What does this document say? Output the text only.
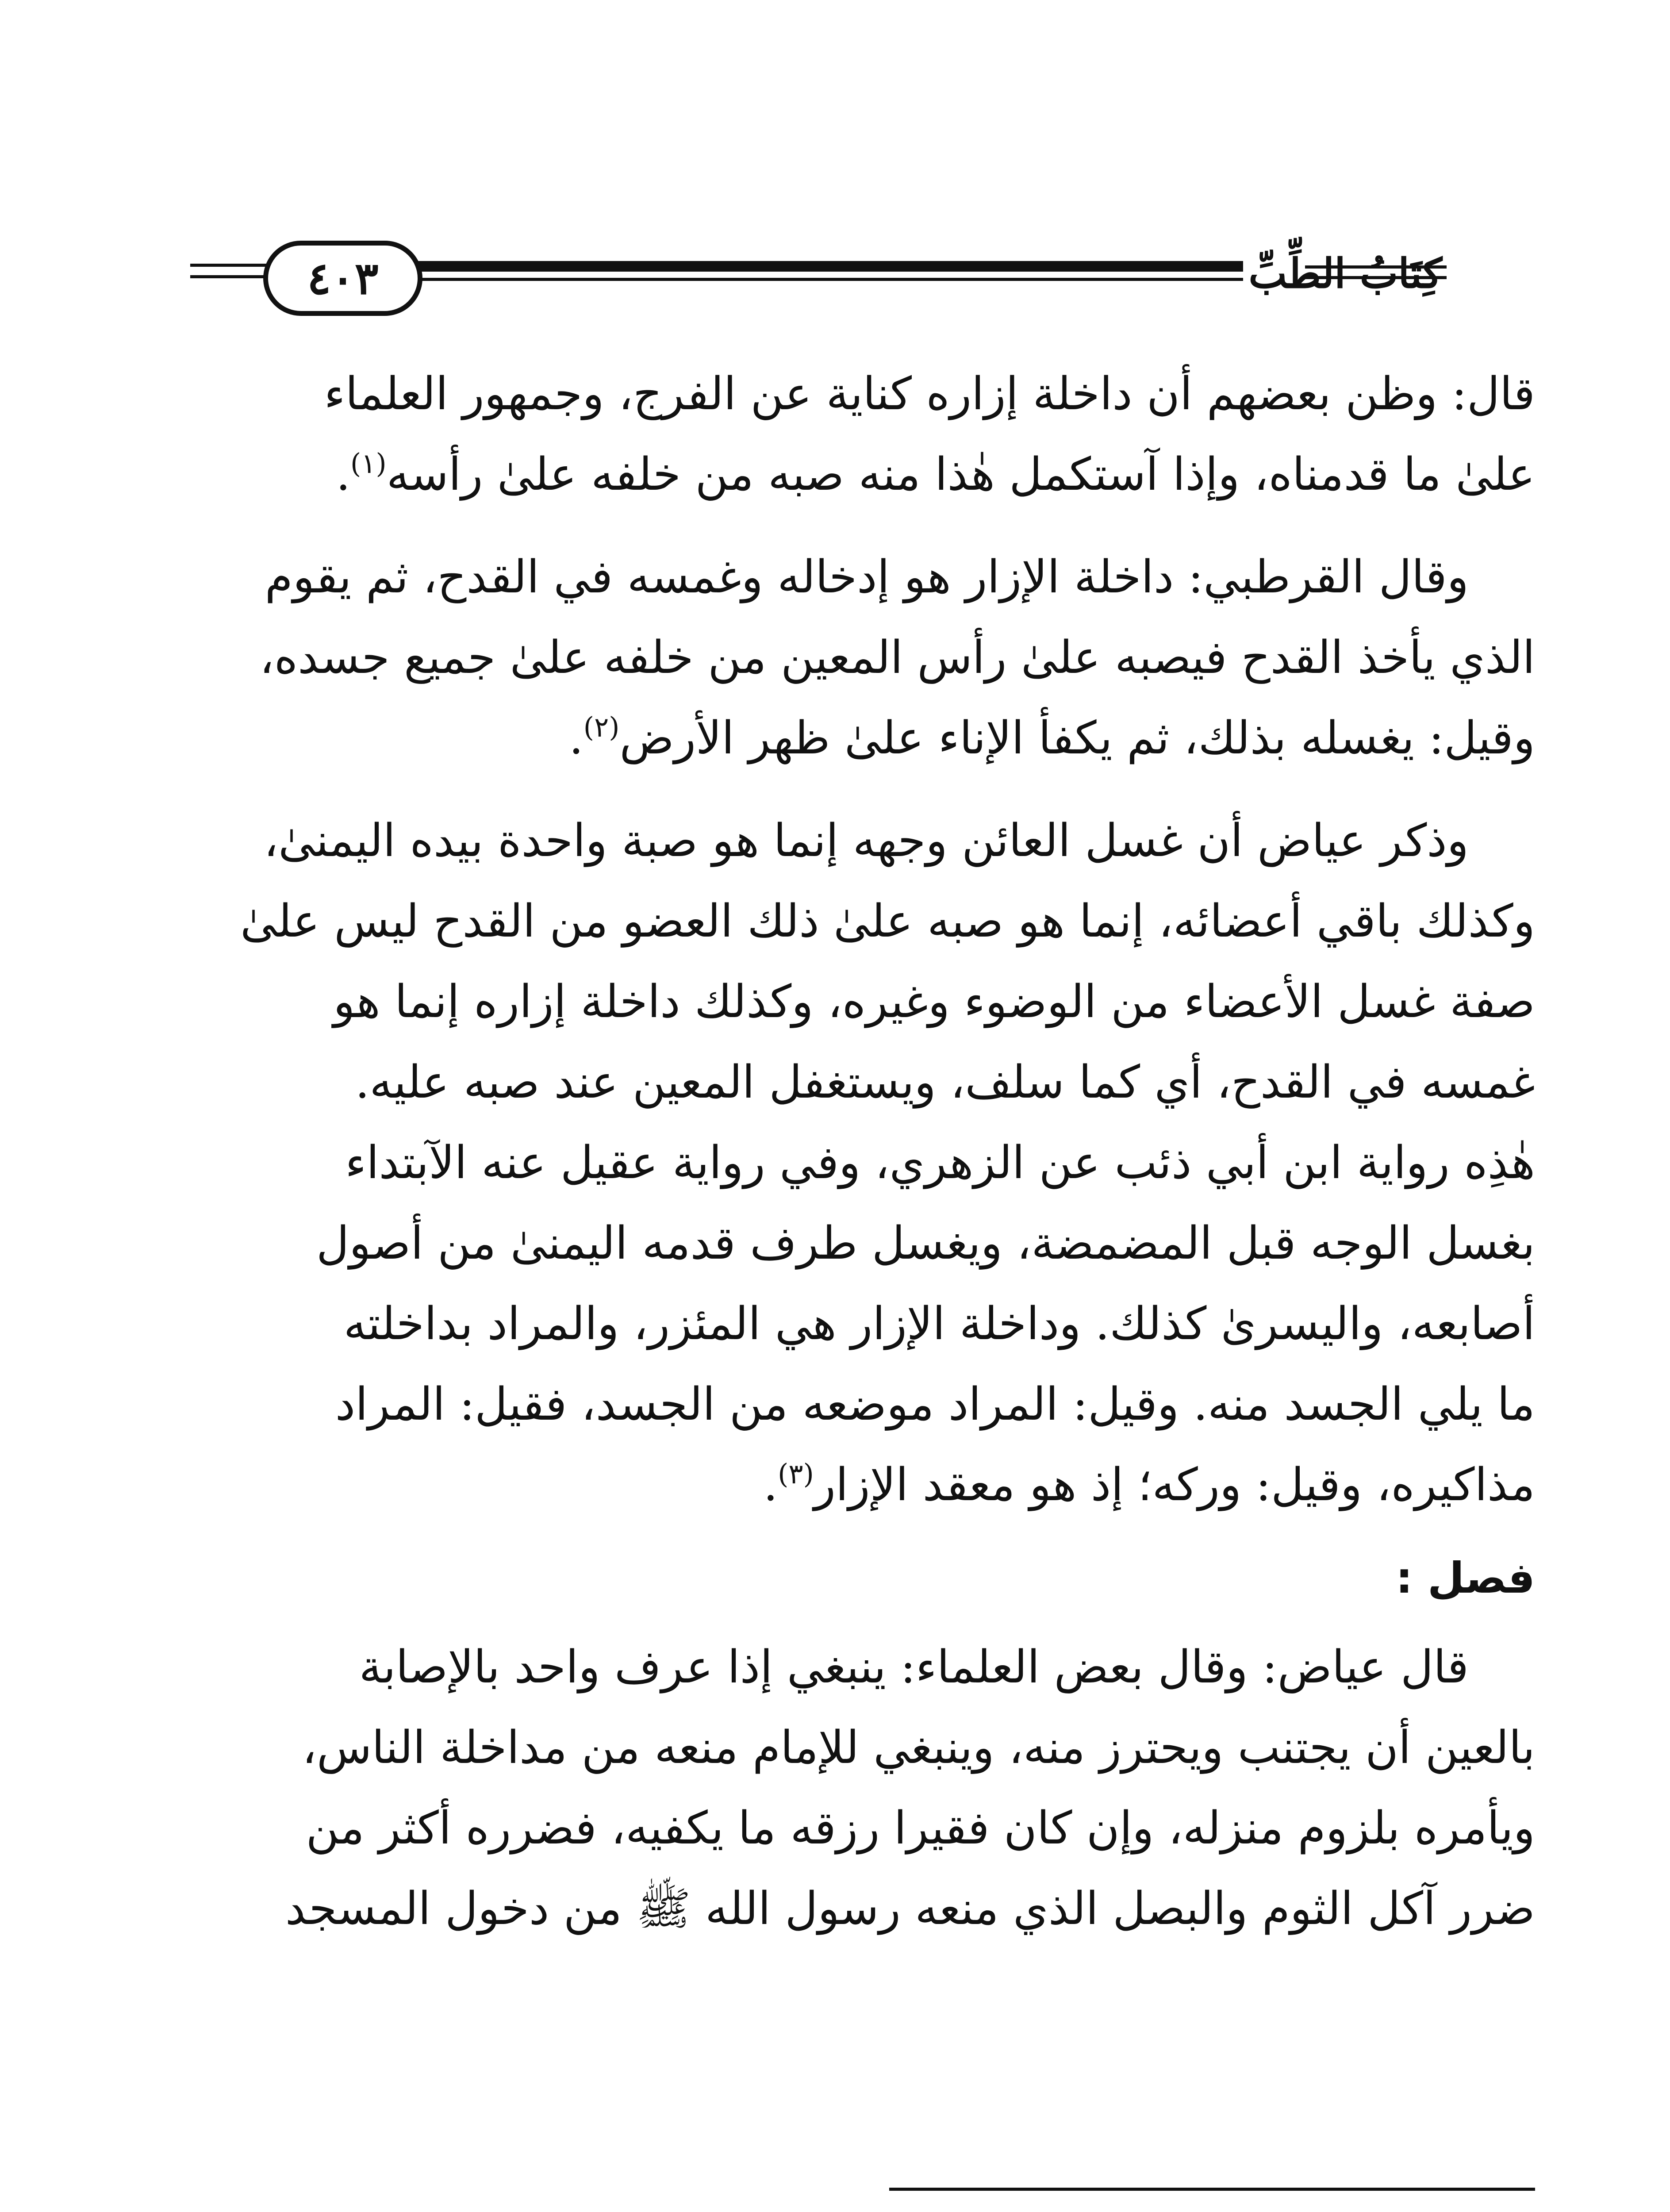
٤٠٣	كِتَابُ الطِّبِّ
قال: وظن بعضهم أن داخلة إزاره كناية عن الفرج، وجمهور العلماء
علىٰ ما قدمناه، وإذا آستكمل هٰذا منه صبه من خلفه علىٰ رأسه$^{(١)}$.
وقال القرطبي: داخلة الإزار هو إدخاله وغمسه في القدح، ثم يقوم
الذي يأخذ القدح فيصبه علىٰ رأس المعين من خلفه علىٰ جميع جسده،
وقيل: يغسله بذلك، ثم يكفأ الإناء علىٰ ظهر الأرض$^{(٢)}$.
وذكر عياض أن غسل العائن وجهه إنما هو صبة واحدة بيده اليمنىٰ،
وكذلك باقي أعضائه، إنما هو صبه علىٰ ذلك العضو من القدح ليس علىٰ
صفة غسل الأعضاء من الوضوء وغيره، وكذلك داخلة إزاره إنما هو
غمسه في القدح، أي كما سلف، ويستغفل المعين عند صبه عليه.
هٰذِه رواية ابن أبي ذئب عن الزهري، وفي رواية عقيل عنه الآبتداء
بغسل الوجه قبل المضمضة، ويغسل طرف قدمه اليمنىٰ من أصول
أصابعه، واليسرىٰ كذلك. وداخلة الإزار هي المئزر، والمراد بداخلته
ما يلي الجسد منه. وقيل: المراد موضعه من الجسد، فقيل: المراد
مذاكيره، وقيل: وركه؛ إذ هو معقد الإزار$^{(٣)}$.
فصل :
قال عياض: وقال بعض العلماء: ينبغي إذا عرف واحد بالإصابة
بالعين أن يجتنب ويحترز منه، وينبغي للإمام منعه من مداخلة الناس،
ويأمره بلزوم منزله، وإن كان فقيرا رزقه ما يكفيه، فضرره أكثر من
ضرر آكل الثوم والبصل الذي منعه رسول الله ﷺ من دخول المسجد
